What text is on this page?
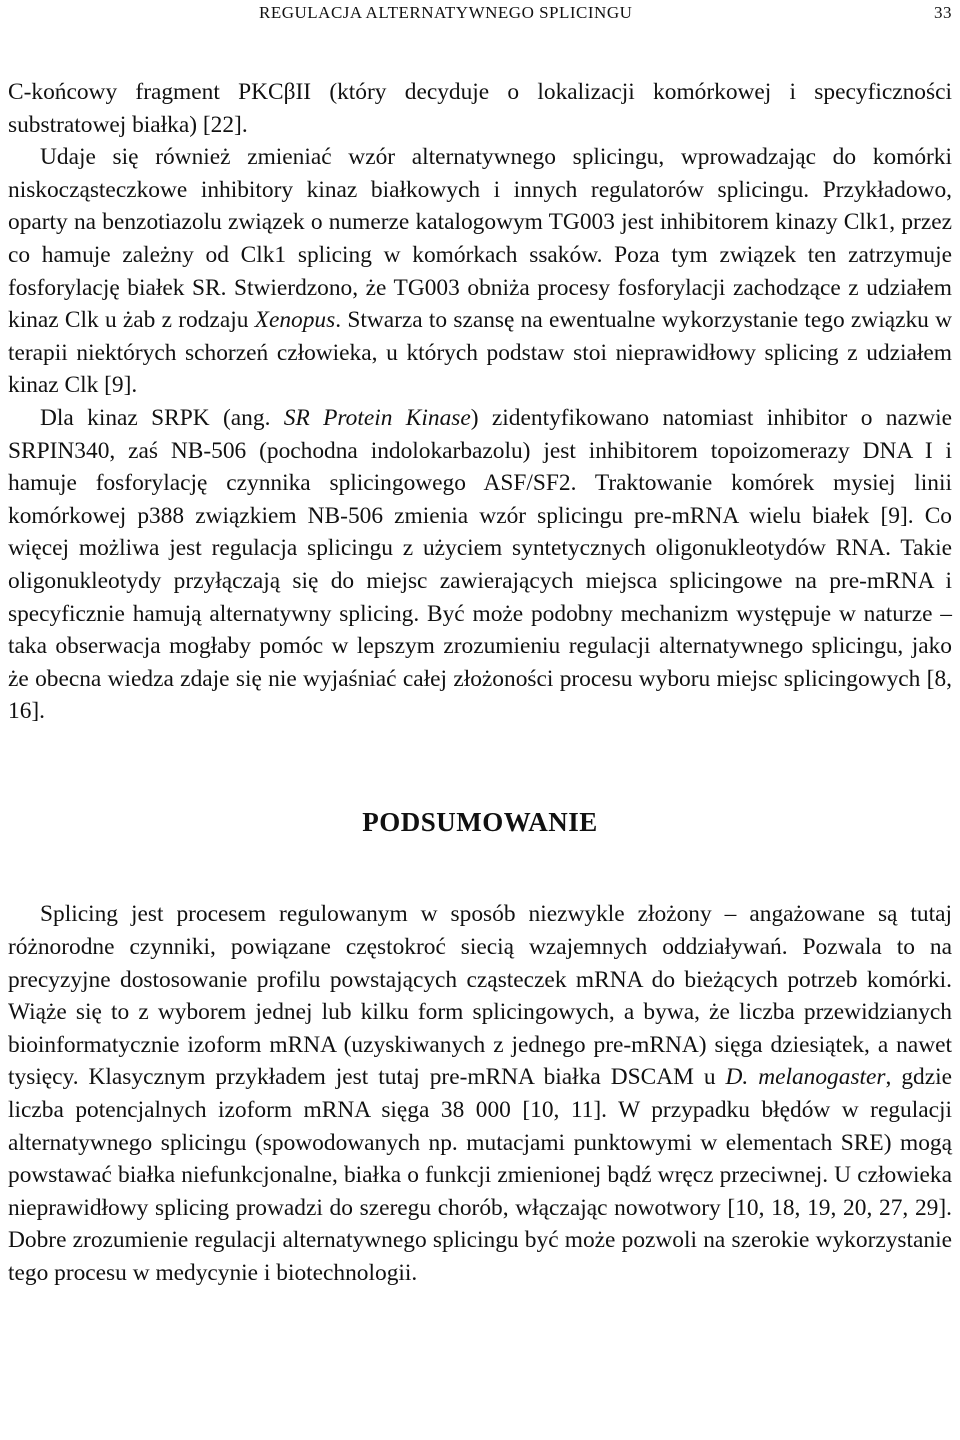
REGULACJA ALTERNATYWNEGO SPLICINGU	33

C-końcowy fragment PKCβII (który decyduje o lokalizacji komórkowej i specyficzności substratowej białka) [22].

Udaje się również zmieniać wzór alternatywnego splicingu, wprowadzając do komórki niskocząsteczkowe inhibitory kinaz białkowych i innych regulatorów splicingu. Przykładowo, oparty na benzotiazolu związek o numerze katalogowym TG003 jest inhibitorem kinazy Clk1, przez co hamuje zależny od Clk1 splicing w komórkach ssaków. Poza tym związek ten zatrzymuje fosforylację białek SR. Stwierdzono, że TG003 obniża procesy fosforylacji zachodzące z udziałem kinaz Clk u żab z rodzaju Xenopus. Stwarza to szansę na ewentualne wykorzystanie tego związku w terapii niektórych schorzeń człowieka, u których podstaw stoi nieprawidłowy splicing z udziałem kinaz Clk [9].

Dla kinaz SRPK (ang. SR Protein Kinase) zidentyfikowano natomiast inhibitor o nazwie SRPIN340, zaś NB-506 (pochodna indolokarbazolu) jest inhibitorem topoizomerazy DNA I i hamuje fosforylację czynnika splicingowego ASF/SF2. Traktowanie komórek mysiej linii komórkowej p388 związkiem NB-506 zmienia wzór splicingu pre-mRNA wielu białek [9]. Co więcej możliwa jest regulacja splicingu z użyciem syntetycznych oligonukleotydów RNA. Takie oligonukleotydy przyłączają się do miejsc zawierających miejsca splicingowe na pre-mRNA i specyficznie hamują alternatywny splicing. Być może podobny mechanizm występuje w naturze – taka obserwacja mogłaby pomóc w lepszym zrozumieniu regulacji alternatywnego splicingu, jako że obecna wiedza zdaje się nie wyjaśniać całej złożoności procesu wyboru miejsc splicingowych [8, 16].

PODSUMOWANIE

Splicing jest procesem regulowanym w sposób niezwykle złożony – angażowane są tutaj różnorodne czynniki, powiązane częstokroć siecią wzajemnych oddziaływań. Pozwala to na precyzyjne dostosowanie profilu powstających cząsteczek mRNA do bieżących potrzeb komórki. Wiąże się to z wyborem jednej lub kilku form splicingowych, a bywa, że liczba przewidzianych bioinformatycznie izoform mRNA (uzyskiwanych z jednego pre-mRNA) sięga dziesiątek, a nawet tysięcy. Klasycznym przykładem jest tutaj pre-mRNA białka DSCAM u D. melanogaster, gdzie liczba potencjalnych izoform mRNA sięga 38 000 [10, 11]. W przypadku błędów w regulacji alternatywnego splicingu (spowodowanych np. mutacjami punktowymi w elementach SRE) mogą powstawać białka niefunkcjonalne, białka o funkcji zmienionej bądź wręcz przeciwnej. U człowieka nieprawidłowy splicing prowadzi do szeregu chorób, włączając nowotwory [10, 18, 19, 20, 27, 29]. Dobre zrozumienie regulacji alternatywnego splicingu być może pozwoli na szerokie wykorzystanie tego procesu w medycynie i biotechnologii.
